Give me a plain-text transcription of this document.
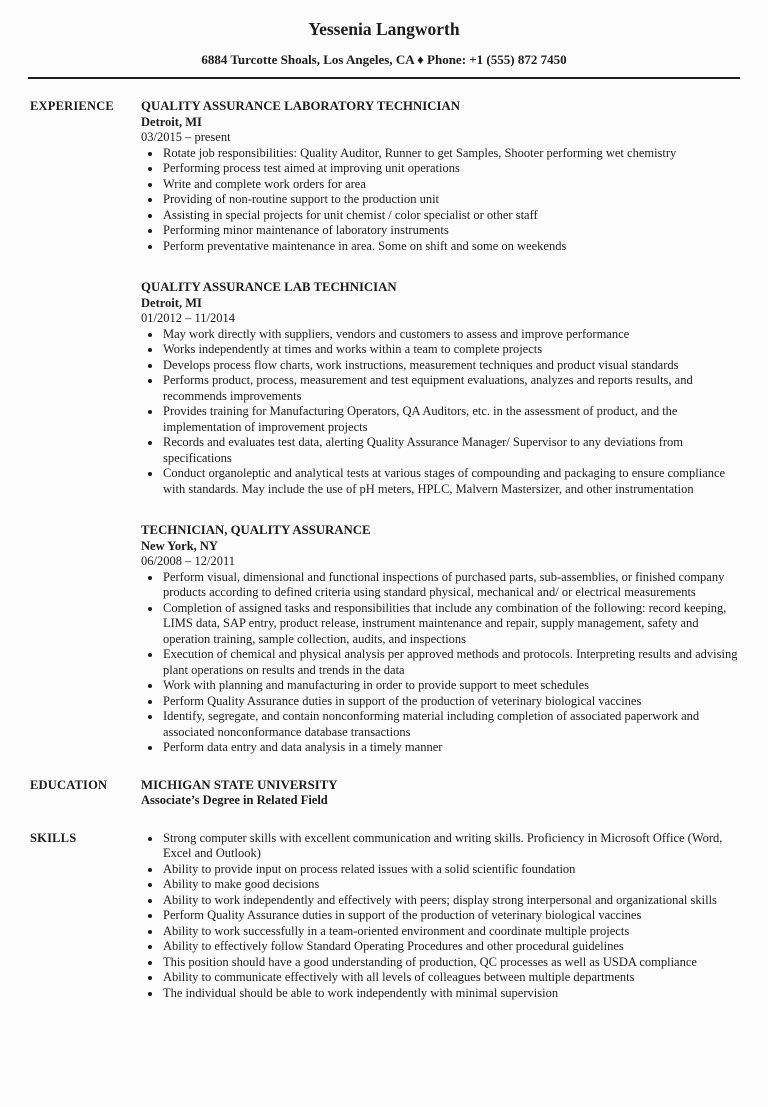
Yessenia Langworth
6884 Turcotte Shoals, Los Angeles, CA ♦ Phone: +1 (555) 872 7450
EXPERIENCE	QUALITY ASSURANCE LABORATORY TECHNICIAN
Detroit, MI
03/2015 – present
• Rotate job responsibilities: Quality Auditor, Runner to get Samples, Shooter performing wet chemistry
• Performing process test aimed at improving unit operations
• Write and complete work orders for area
• Providing of non-routine support to the production unit
• Assisting in special projects for unit chemist / color specialist or other staff
• Performing minor maintenance of laboratory instruments
• Perform preventative maintenance in area. Some on shift and some on weekends
QUALITY ASSURANCE LAB TECHNICIAN
Detroit, MI
01/2012 – 11/2014
• May work directly with suppliers, vendors and customers to assess and improve performance
• Works independently at times and works within a team to complete projects
• Develops process flow charts, work instructions, measurement techniques and product visual standards
• Performs product, process, measurement and test equipment evaluations, analyzes and reports results, and recommends improvements
• Provides training for Manufacturing Operators, QA Auditors, etc. in the assessment of product, and the implementation of improvement projects
• Records and evaluates test data, alerting Quality Assurance Manager/ Supervisor to any deviations from specifications
• Conduct organoleptic and analytical tests at various stages of compounding and packaging to ensure compliance with standards. May include the use of pH meters, HPLC, Malvern Mastersizer, and other instrumentation
TECHNICIAN, QUALITY ASSURANCE
New York, NY
06/2008 – 12/2011
• Perform visual, dimensional and functional inspections of purchased parts, sub-assemblies, or finished company products according to defined criteria using standard physical, mechanical and/ or electrical measurements
• Completion of assigned tasks and responsibilities that include any combination of the following: record keeping, LIMS data, SAP entry, product release, instrument maintenance and repair, supply management, safety and operation training, sample collection, audits, and inspections
• Execution of chemical and physical analysis per approved methods and protocols. Interpreting results and advising plant operations on results and trends in the data
• Work with planning and manufacturing in order to provide support to meet schedules
• Perform Quality Assurance duties in support of the production of veterinary biological vaccines
• Identify, segregate, and contain nonconforming material including completion of associated paperwork and associated nonconformance database transactions
• Perform data entry and data analysis in a timely manner
EDUCATION	MICHIGAN STATE UNIVERSITY
Associate’s Degree in Related Field
SKILLS	• Strong computer skills with excellent communication and writing skills. Proficiency in Microsoft Office (Word, Excel and Outlook)
• Ability to provide input on process related issues with a solid scientific foundation
• Ability to make good decisions
• Ability to work independently and effectively with peers; display strong interpersonal and organizational skills
• Perform Quality Assurance duties in support of the production of veterinary biological vaccines
• Ability to work successfully in a team-oriented environment and coordinate multiple projects
• Ability to effectively follow Standard Operating Procedures and other procedural guidelines
• This position should have a good understanding of production, QC processes as well as USDA compliance
• Ability to communicate effectively with all levels of colleagues between multiple departments
• The individual should be able to work independently with minimal supervision
